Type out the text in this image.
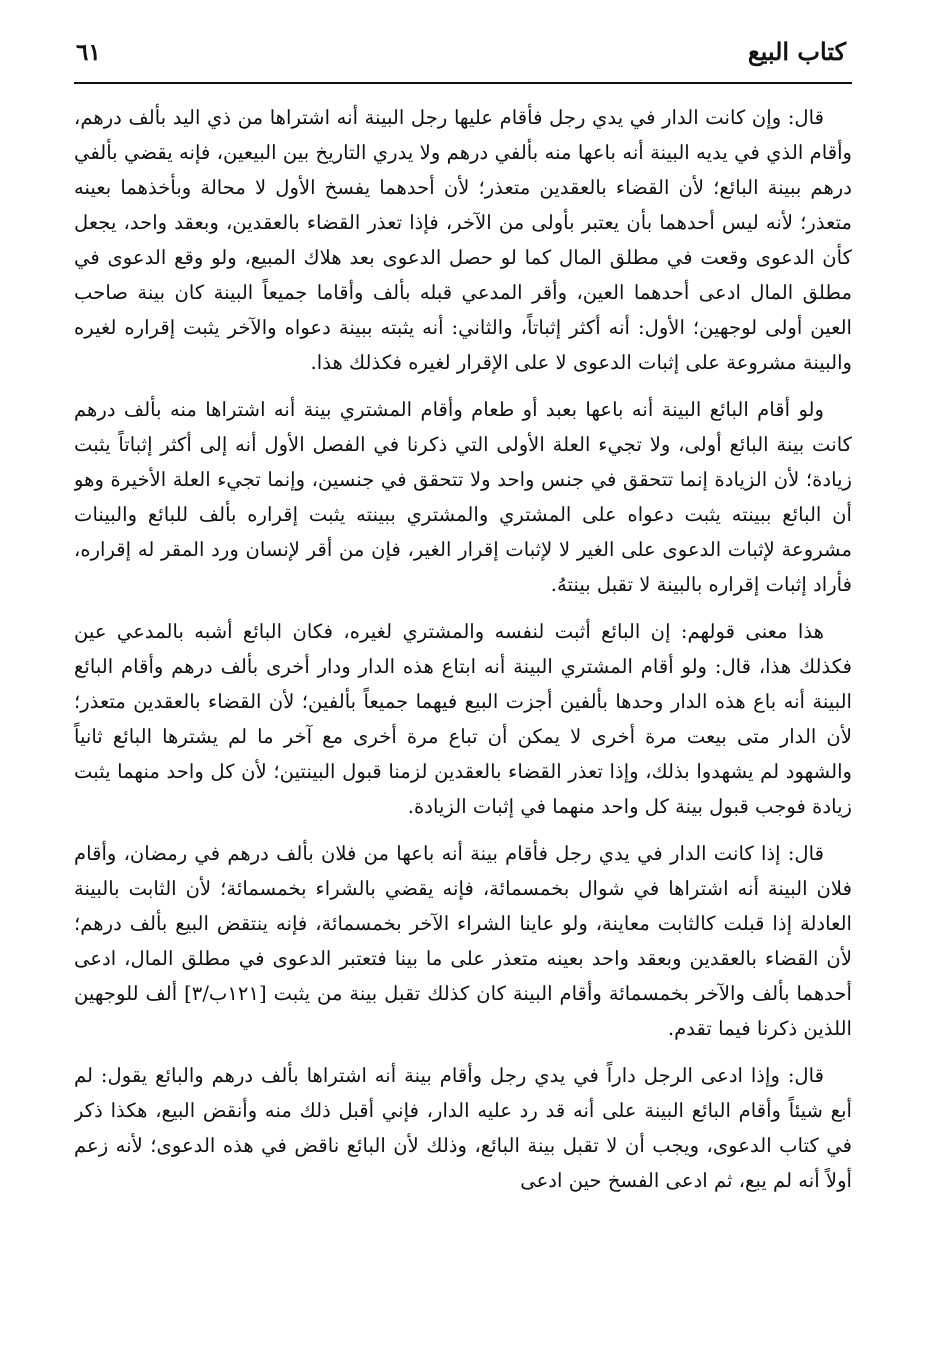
كتاب البيع
٦١

قال: وإن كانت الدار في يدي رجل فأقام عليها رجل البينة أنه اشتراها من ذي اليد بألف درهم، وأقام الذي في يديه البينة أنه باعها منه بألفي درهم ولا يدري التاريخ بين البيعين، فإنه يقضي بألفي درهم ببينة البائع؛ لأن القضاء بالعقدين متعذر؛ لأن أحدهما يفسخ الأول لا محالة وبأخذهما بعينه متعذر؛ لأنه ليس أحدهما بأن يعتبر بأولى من الآخر، فإذا تعذر القضاء بالعقدين، وبعقد واحد، يجعل كأن الدعوى وقعت في مطلق المال كما لو حصل الدعوى بعد هلاك المبيع، ولو وقع الدعوى في مطلق المال ادعى أحدهما العين، وأقر المدعي قبله بألف وأقاما جميعاً البينة كان بينة صاحب العين أولى لوجهين؛ الأول: أنه أكثر إثباتاً، والثاني: أنه يثبته ببينة دعواه والآخر يثبت إقراره لغيره والبينة مشروعة على إثبات الدعوى لا على الإقرار لغيره فكذلك هذا.

ولو أقام البائع البينة أنه باعها بعبد أو طعام وأقام المشتري بينة أنه اشتراها منه بألف درهم كانت بينة البائع أولى، ولا تجيء العلة الأولى التي ذكرنا في الفصل الأول أنه إلى أكثر إثباتاً يثبت زيادة؛ لأن الزيادة إنما تتحقق في جنس واحد ولا تتحقق في جنسين، وإنما تجيء العلة الأخيرة وهو أن البائع ببينته يثبت دعواه على المشتري والمشتري ببينته يثبت إقراره بألف للبائع والبينات مشروعة لإثبات الدعوى على الغير لا لإثبات إقرار الغير، فإن من أقر لإنسان ورد المقر له إقراره، فأراد إثبات إقراره بالبينة لا تقبل بينتهُ.

هذا معنى قولهم: إن البائع أثبت لنفسه والمشتري لغيره، فكان البائع أشبه بالمدعي عين فكذلك هذا، قال: ولو أقام المشتري البينة أنه ابتاع هذه الدار ودار أخرى بألف درهم وأقام البائع البينة أنه باع هذه الدار وحدها بألفين أجزت البيع فيهما جميعاً بألفين؛ لأن القضاء بالعقدين متعذر؛ لأن الدار متى بيعت مرة أخرى لا يمكن أن تباع مرة أخرى مع آخر ما لم يشترها البائع ثانياً والشهود لم يشهدوا بذلك، وإذا تعذر القضاء بالعقدين لزمنا قبول البينتين؛ لأن كل واحد منهما يثبت زيادة فوجب قبول بينة كل واحد منهما في إثبات الزيادة.

قال: إذا كانت الدار في يدي رجل فأقام بينة أنه باعها من فلان بألف درهم في رمضان، وأقام فلان البينة أنه اشتراها في شوال بخمسمائة، فإنه يقضي بالشراء بخمسمائة؛ لأن الثابت بالبينة العادلة إذا قبلت كالثابت معاينة، ولو عاينا الشراء الآخر بخمسمائة، فإنه ينتقض البيع بألف درهم؛ لأن القضاء بالعقدين وبعقد واحد بعينه متعذر على ما بينا فتعتبر الدعوى في مطلق المال، ادعى أحدهما بألف والآخر بخمسمائة وأقام البينة كان كذلك تقبل بينة من يثبت [١٢١ب/٣] ألف للوجهين اللذين ذكرنا فيما تقدم.

قال: وإذا ادعى الرجل داراً في يدي رجل وأقام بينة أنه اشتراها بألف درهم والبائع يقول: لم أبع شيئاً وأقام البائع البينة على أنه قد رد عليه الدار، فإني أقبل ذلك منه وأنقض البيع، هكذا ذكر في كتاب الدعوى، ويجب أن لا تقبل بينة البائع، وذلك لأن البائع ناقض في هذه الدعوى؛ لأنه زعم أولاً أنه لم يبع، ثم ادعى الفسخ حين ادعى
